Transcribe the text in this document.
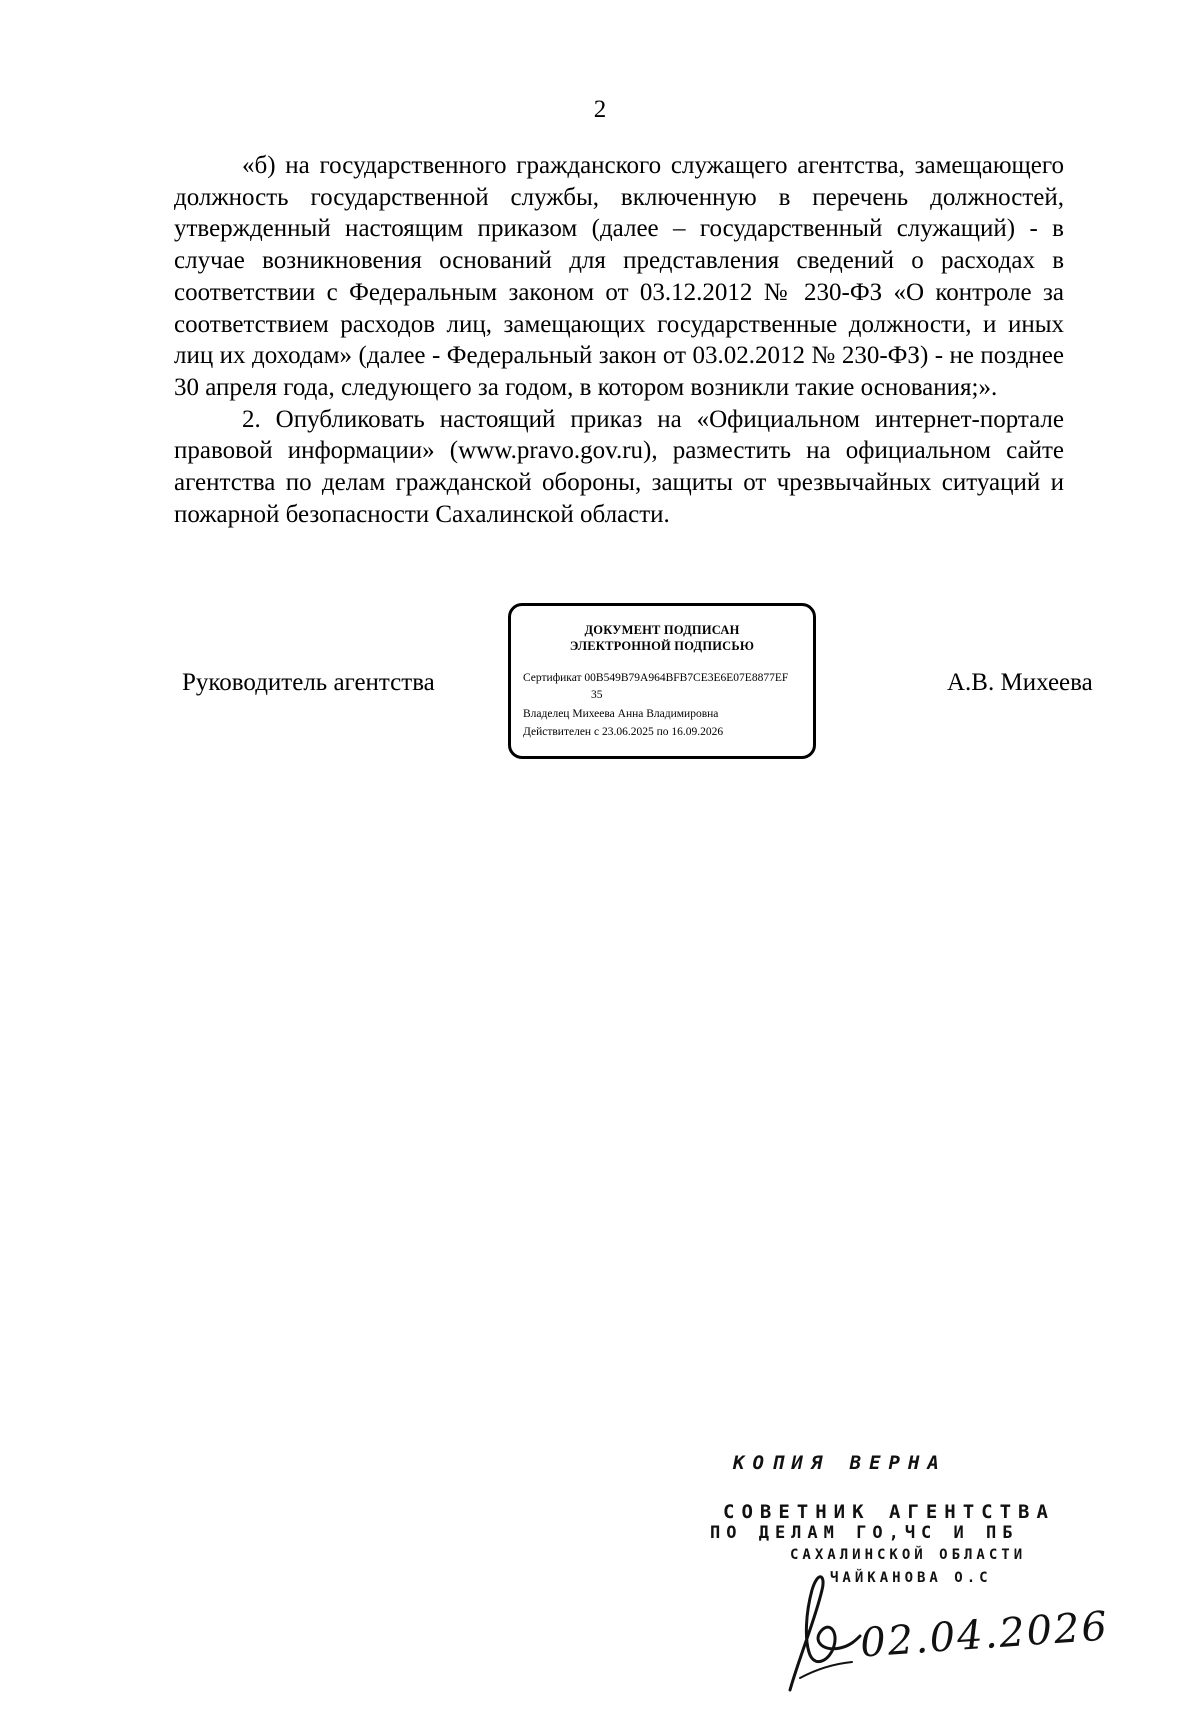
2

«б) на государственного гражданского служащего агентства, замещающего должность государственной службы, включенную в перечень должностей, утвержденный настоящим приказом (далее – государственный служащий) - в случае возникновения оснований для представления сведений о расходах в соответствии с Федеральным законом от 03.12.2012 № 230-ФЗ «О контроле за соответствием расходов лиц, замещающих государственные должности, и иных лиц их доходам» (далее - Федеральный закон от 03.02.2012 № 230-ФЗ) - не позднее 30 апреля года, следующего за годом, в котором возникли такие основания;».

2. Опубликовать настоящий приказ на «Официальном интернет-портале правовой информации» (www.pravo.gov.ru), разместить на официальном сайте агентства по делам гражданской обороны, защиты от чрезвычайных ситуаций и пожарной безопасности Сахалинской области.

Руководитель агентства
ДОКУМЕНТ ПОДПИСАН
ЭЛЕКТРОННОЙ ПОДПИСЬЮ
Сертификат 00B549B79A964BFB7CE3E6E07E8877EF
35
Владелец Михеева Анна Владимировна
Действителен с 23.06.2025 по 16.09.2026
А.В. Михеева
КОПИЯ ВЕРНА
СОВЕТНИК АГЕНТСТВА
ПО ДЕЛАМ ГО,ЧС И ПБ
САХАЛИНСКОЙ ОБЛАСТИ
ЧАЙКАНОВА О.С
02.04.2026
